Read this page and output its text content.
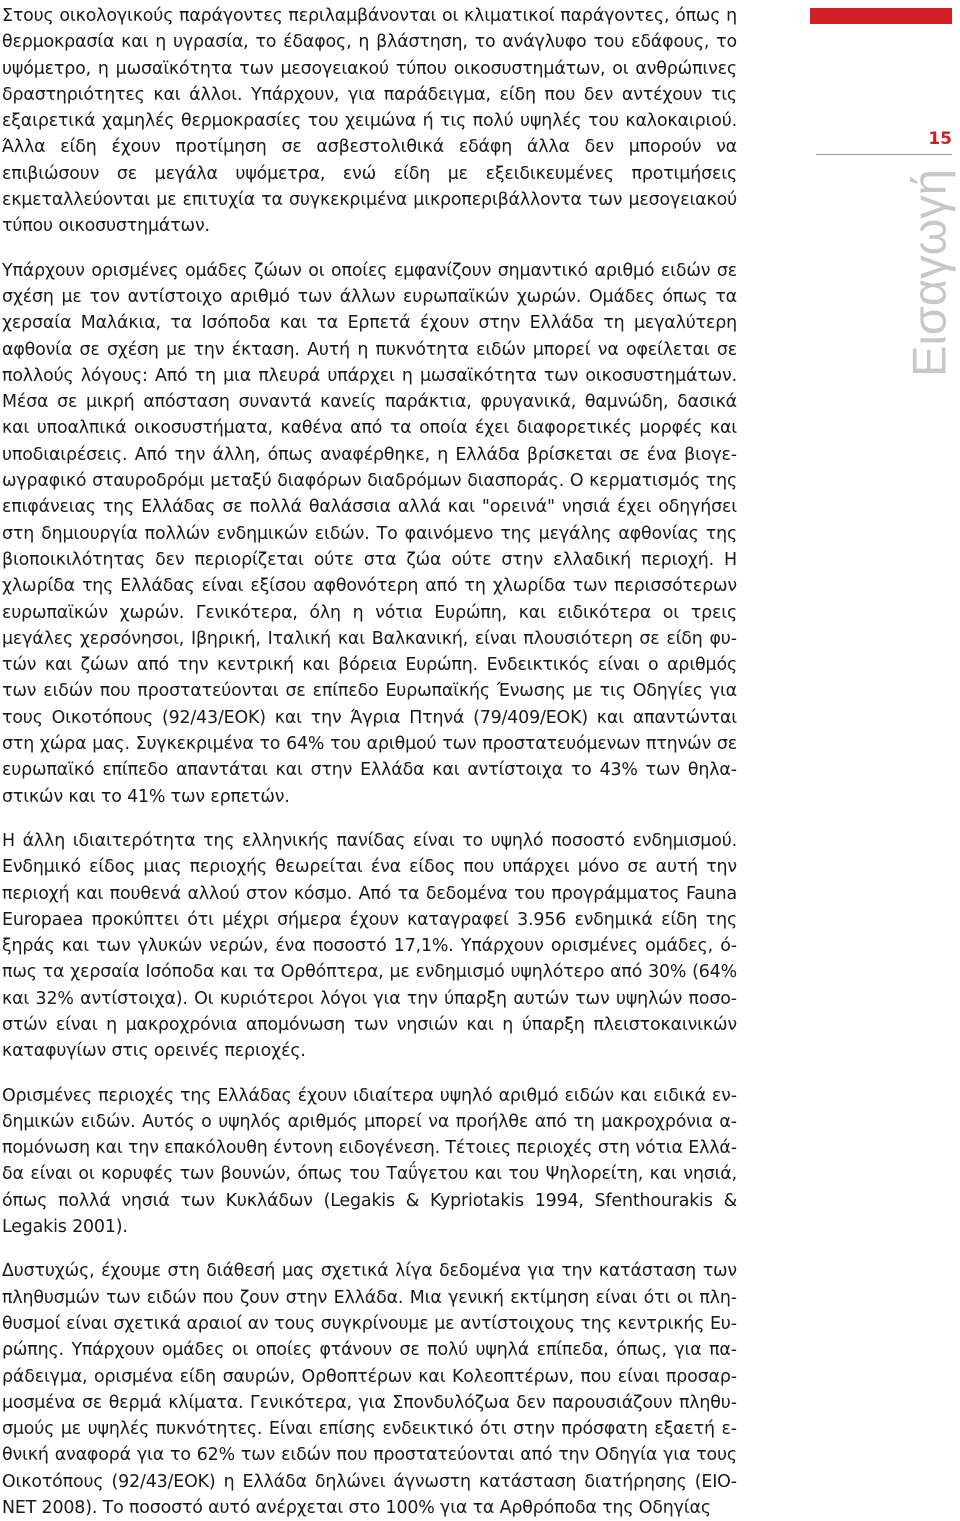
Στους οικολογικούς παράγοντες περιλαμβάνονται οι κλιματικοί παράγοντες, όπως η θερμοκρασία και η υγρασία, το έδαφος, η βλάστηση, το ανάγλυφο του εδάφους, το υψόμετρο, η μωσαϊκότητα των μεσογειακού τύπου οικοσυστημάτων, οι ανθρώπινες δραστηριότητες και άλλοι. Υπάρχουν, για παράδειγμα, είδη που δεν αντέχουν τις εξαιρετικά χαμηλές θερμοκρασίες του χειμώνα ή τις πολύ υψηλές του καλοκαιριού. Άλλα είδη έχουν προτίμηση σε ασβεστολιθικά εδάφη άλλα δεν μπορούν να επιβιώσουν σε μεγάλα υψόμετρα, ενώ είδη με εξειδικευμένες προτιμήσεις εκμεταλλεύονται με επιτυχία τα συγκεκριμένα μικροπεριβάλλοντα των μεσογειακού τύπου οικοσυστημάτων.

Υπάρχουν ορισμένες ομάδες ζώων οι οποίες εμφανίζουν σημαντικό αριθμό ειδών σε σχέση με τον αντίστοιχο αριθμό των άλλων ευρωπαϊκών χωρών. Ομάδες όπως τα χερσαία Μαλάκια, τα Ισόποδα και τα Ερπετά έχουν στην Ελλάδα τη μεγαλύτερη αφθονία σε σχέση με την έκταση. Αυτή η πυκνότητα ειδών μπορεί να οφείλεται σε πολλούς λόγους: Από τη μια πλευρά υπάρχει η μωσαϊκότητα των οικοσυστημάτων. Μέσα σε μικρή απόσταση συναντά κανείς παράκτια, φρυγανικά, θαμνώδη, δασικά και υποαλπικά οικοσυστήματα, καθένα από τα οποία έχει διαφορετικές μορφές και υποδιαιρέσεις. Από την άλλη, όπως αναφέρθηκε, η Ελλάδα βρίσκεται σε ένα βιογεωγραφικό σταυροδρόμι μεταξύ διαφόρων διαδρόμων διασποράς. Ο κερματισμός της επιφάνειας της Ελλάδας σε πολλά θαλάσσια αλλά και "ορεινά" νησιά έχει οδηγήσει στη δημιουργία πολλών ενδημικών ειδών. Το φαινόμενο της μεγάλης αφθονίας της βιοποικιλότητας δεν περιορίζεται ούτε στα ζώα ούτε στην ελλαδική περιοχή. Η χλωρίδα της Ελλάδας είναι εξίσου αφθονότερη από τη χλωρίδα των περισσότερων ευρωπαϊκών χωρών. Γενικότερα, όλη η νότια Ευρώπη, και ειδικότερα οι τρεις μεγάλες χερσόνησοι, Ιβηρική, Ιταλική και Βαλκανική, είναι πλουσιότερη σε είδη φυτών και ζώων από την κεντρική και βόρεια Ευρώπη. Ενδεικτικός είναι ο αριθμός των ειδών που προστατεύονται σε επίπεδο Ευρωπαϊκής Ένωσης με τις Οδηγίες για τους Οικοτόπους (92/43/ΕΟΚ) και την Άγρια Πτηνά (79/409/ΕΟΚ) και απαντώνται στη χώρα μας. Συγκεκριμένα το 64% του αριθμού των προστατευόμενων πτηνών σε ευρωπαϊκό επίπεδο απαντάται και στην Ελλάδα και αντίστοιχα το 43% των θηλαστικών και το 41% των ερπετών.

Η άλλη ιδιαιτερότητα της ελληνικής πανίδας είναι το υψηλό ποσοστό ενδημισμού. Ενδημικό είδος μιας περιοχής θεωρείται ένα είδος που υπάρχει μόνο σε αυτή την περιοχή και πουθενά αλλού στον κόσμο. Από τα δεδομένα του προγράμματος Fauna Europaea προκύπτει ότι μέχρι σήμερα έχουν καταγραφεί 3.956 ενδημικά είδη της ξηράς και των γλυκών νερών, ένα ποσοστό 17,1%. Υπάρχουν ορισμένες ομάδες, όπως τα χερσαία Ισόποδα και τα Ορθόπτερα, με ενδημισμό υψηλότερο από 30% (64% και 32% αντίστοιχα). Οι κυριότεροι λόγοι για την ύπαρξη αυτών των υψηλών ποσοστών είναι η μακροχρόνια απομόνωση των νησιών και η ύπαρξη πλειστοκαινικών καταφυγίων στις ορεινές περιοχές.

Ορισμένες περιοχές της Ελλάδας έχουν ιδιαίτερα υψηλό αριθμό ειδών και ειδικά ενδημικών ειδών. Αυτός ο υψηλός αριθμός μπορεί να προήλθε από τη μακροχρόνια απομόνωση και την επακόλουθη έντονη ειδογένεση. Τέτοιες περιοχές στη νότια Ελλάδα είναι οι κορυφές των βουνών, όπως του Ταΰγετου και του Ψηλορείτη, και νησιά, όπως πολλά νησιά των Κυκλάδων (Legakis & Kypriotakis 1994, Sfenthourakis & Legakis 2001).

Δυστυχώς, έχουμε στη διάθεσή μας σχετικά λίγα δεδομένα για την κατάσταση των πληθυσμών των ειδών που ζουν στην Ελλάδα. Μια γενική εκτίμηση είναι ότι οι πληθυσμοί είναι σχετικά αραιοί αν τους συγκρίνουμε με αντίστοιχους της κεντρικής Ευρώπης. Υπάρχουν ομάδες οι οποίες φτάνουν σε πολύ υψηλά επίπεδα, όπως, για παράδειγμα, ορισμένα είδη σαυρών, Ορθοπτέρων και Κολεοπτέρων, που είναι προσαρμοσμένα σε θερμά κλίματα. Γενικότερα, για Σπονδυλόζωα δεν παρουσιάζουν πληθυσμούς με υψηλές πυκνότητες. Είναι επίσης ενδεικτικό ότι στην πρόσφατη εξαετή εθνική αναφορά για το 62% των ειδών που προστατεύονται από την Οδηγία για τους Οικοτόπους (92/43/ΕΟΚ) η Ελλάδα δηλώνει άγνωστη κατάσταση διατήρησης (ΕΙΟNET 2008). Το ποσοστό αυτό ανέρχεται στο 100% για τα Αρθρόποδα της Οδηγίας

15
Εισαγωγή
